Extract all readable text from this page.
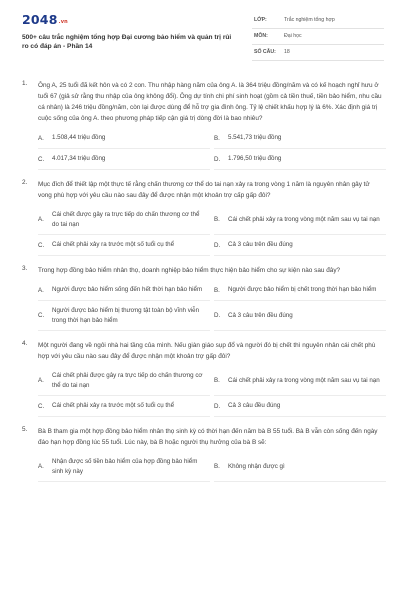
2048.vn
500+ câu trắc nghiệm tổng hợp Đại cương bảo hiểm và quản trị rủi ro có đáp án - Phần 14
LỚP:	Trắc nghiệm tổng hợp
MÔN:	Đại học
SỐ CÂU: 18
1. Ông A, 25 tuổi đã kết hôn và có 2 con. Thu nhập hàng năm của ông A. là 364 triệu đồng/năm và có kế hoạch nghỉ hưu ở tuổi 67 (giả sử rằng thu nhập của ông không đổi). Ông dự tính chi phí sinh hoạt (gồm cả tiền thuế, tiền bảo hiểm, nhu cầu cá nhân) là 246 triệu đồng/năm, còn lại được dùng để hỗ trợ gia đình ông. Tỷ lệ chiết khấu hợp lý là 6%. Xác định giá trị cuộc sống của ông A. theo phương pháp tiếp cận giá trị dòng đời là bao nhiêu?
A.	1.508,44 triệu đồng	B.	5.541,73 triệu đồng
C.	4.017,34 triệu đồng	D.	1.796,50 triệu đồng
2. Mục đích để thiết lập một thực tế rằng chấn thương cơ thể do tai nạn xảy ra trong vòng 1 năm là nguyên nhân gây tử vong phù hợp với yêu cầu nào sau đây để được nhận một khoản trợ cấp gấp đôi?
A.
Cái chết được gây ra trực tiếp do chấn thương cơ thể do tai nạn
B.	Cái chết phải xảy ra trong vòng một năm sau vụ tai nạn
C.	Cái chết phải xảy ra trước một số tuổi cụ thể	D.	Cả 3 câu trên đều đúng
3. Trong hợp đồng bảo hiểm nhân thọ, doanh nghiệp bảo hiểm thực hiện bảo hiểm cho sự kiện nào sau đây?
A.	Người được bảo hiểm sống đến hết thời hạn bảo hiểm B.	Người được bảo hiểm bị chết trong thời hạn bảo hiểm
C.
Người được bảo hiểm bị thương tật toàn bộ vĩnh viễn trong thời hạn bảo hiểm
D.	Cả 3 câu trên đều đúng
4. Một người đang về ngôi nhà hai tầng của mình. Nếu giàn giáo sụp đổ và người đó bị chết thì nguyên nhân cái chết phù hợp với yêu cầu nào sau đây để được nhận một khoản trợ gấp đôi?
A.
Cái chết phải được gây ra trực tiếp do chấn thương cơ thể do tai nạn
B.	Cái chết phải xảy ra trong vòng một năm sau vụ tai nạn
C.	Cái chết phải xảy ra trước một số tuổi cụ thể	D.	Cả 3 câu đều đúng
5. Bà B tham gia một hợp đồng bảo hiểm nhân thọ sinh kỳ có thời hạn đến năm bà B 55 tuổi. Bà B vẫn còn sống đến ngày đáo hạn hợp đồng lúc 55 tuổi. Lúc này, bà B hoặc người thụ hưởng của bà B sẽ:
A.
Nhận được số tiền bảo hiểm của hợp đồng bảo hiểm sinh kỳ này
B.	Không nhận được gì
